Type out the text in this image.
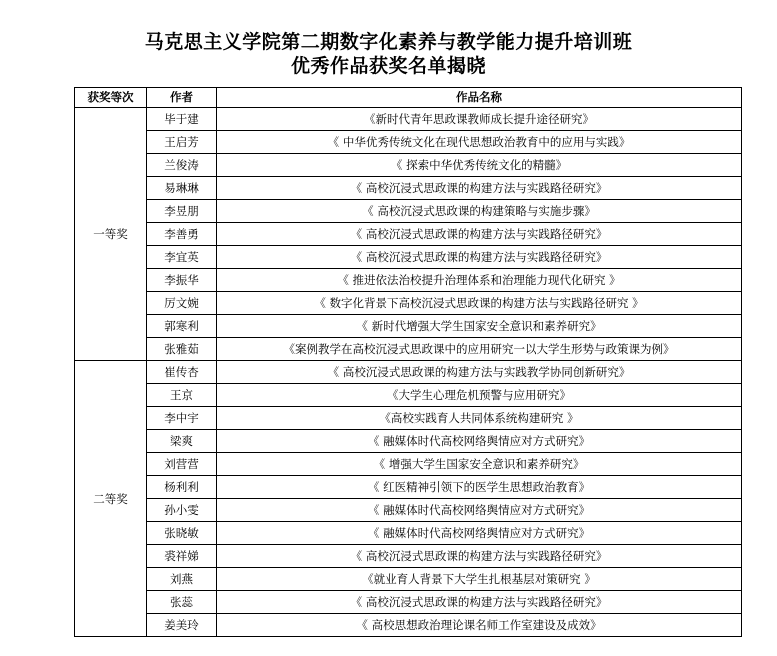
马克思主义学院第二期数字化素养与教学能力提升培训班
优秀作品获奖名单揭晓
获奖等次	作者	作品名称
一等奖	毕于建	《新时代青年思政课教师成长提升途径研究》
	王启芳	《 中华优秀传统文化在现代思想政治教育中的应用与实践》
	兰俊涛	《 探索中华优秀传统文化的精髓》
	易琳琳	《 高校沉浸式思政课的构建方法与实践路径研究》
	李昱朋	《 高校沉浸式思政课的构建策略与实施步骤》
	李善勇	《 高校沉浸式思政课的构建方法与实践路径研究》
	李宜英	《 高校沉浸式思政课的构建方法与实践路径研究》
	李振华	《 推进依法治校提升治理体系和治理能力现代化研究 》
	厉文婉	《 数字化背景下高校沉浸式思政课的构建方法与实践路径研究 》
	郭寒利	《 新时代增强大学生国家安全意识和素养研究》
	张雅茹	《案例教学在高校沉浸式思政课中的应用研究一以大学生形势与政策课为例》
二等奖	崔传杏	《 高校沉浸式思政课的构建方法与实践教学协同创新研究》
	王京	《大学生心理危机预警与应用研究》
	李中宇	《高校实践育人共同体系统构建研究 》
	梁爽	《 融媒体时代高校网络舆情应对方式研究》
	刘营营	《 增强大学生国家安全意识和素养研究》
	杨利利	《 红医精神引领下的医学生思想政治教育》
	孙小雯	《 融媒体时代高校网络舆情应对方式研究》
	张晓敏	《 融媒体时代高校网络舆情应对方式研究》
	裘祥娣	《 高校沉浸式思政课的构建方法与实践路径研究》
	刘燕	《就业育人背景下大学生扎根基层对策研究 》
	张蕊	《 高校沉浸式思政课的构建方法与实践路径研究》
	姜美玲	《 高校思想政治理论课名师工作室建设及成效》
